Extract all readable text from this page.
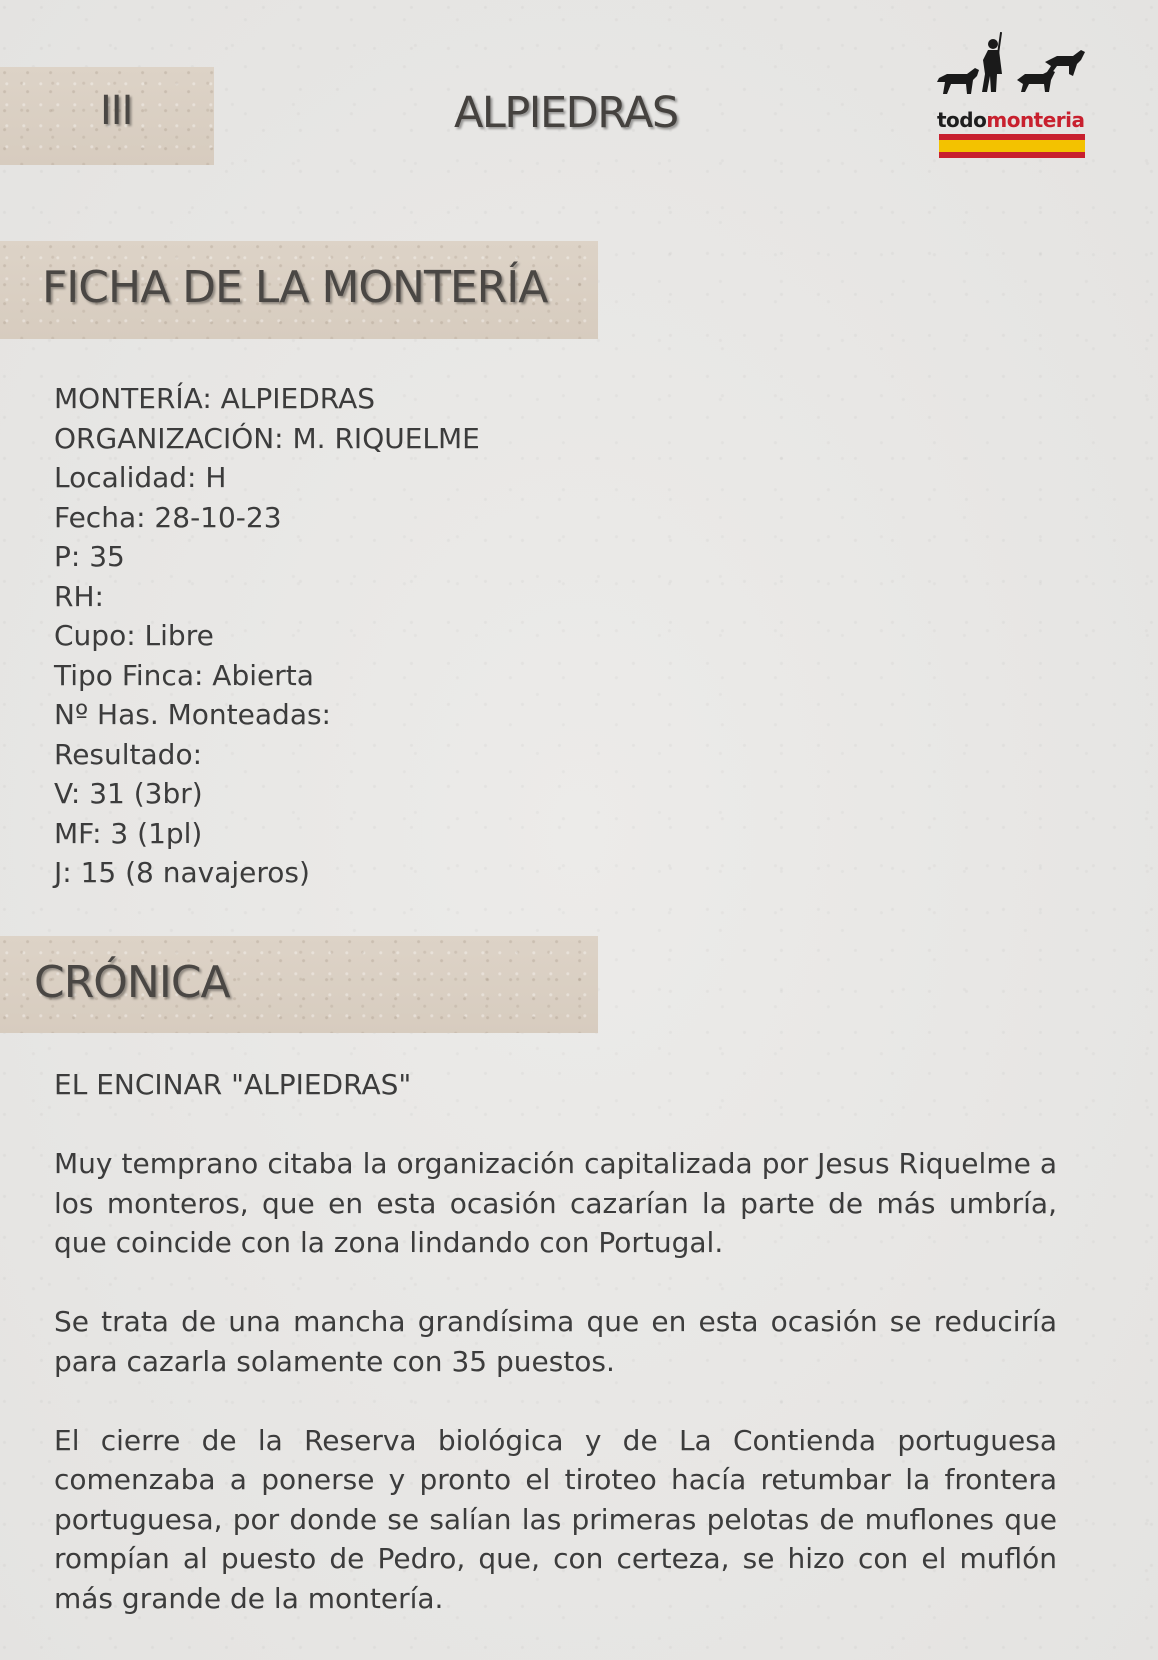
III	ALPIEDRAS	todomonteria
FICHA DE LA MONTERÍA
MONTERÍA: ALPIEDRAS
ORGANIZACIÓN: M. RIQUELME
Localidad: H
Fecha: 28-10-23
P: 35
RH:
Cupo: Libre
Tipo Finca: Abierta
Nº Has. Monteadas:
Resultado:
V: 31 (3br)
MF: 3 (1pl)
J: 15 (8 navajeros)
CRÓNICA

EL ENCINAR "ALPIEDRAS"

Muy temprano citaba la organización capitalizada por Jesus Riquelme a los monteros, que en esta ocasión cazarían la parte de más umbría, que coincide con la zona lindando con Portugal.

Se trata de una mancha grandísima que en esta ocasión se reduciría para cazarla solamente con 35 puestos.

El cierre de la Reserva biológica y de La Contienda portuguesa comenzaba a ponerse y pronto el tiroteo hacía retumbar la frontera portuguesa, por donde se salían las primeras pelotas de muflones que rompían al puesto de Pedro, que, con certeza, se hizo con el muflón más grande de la montería.
